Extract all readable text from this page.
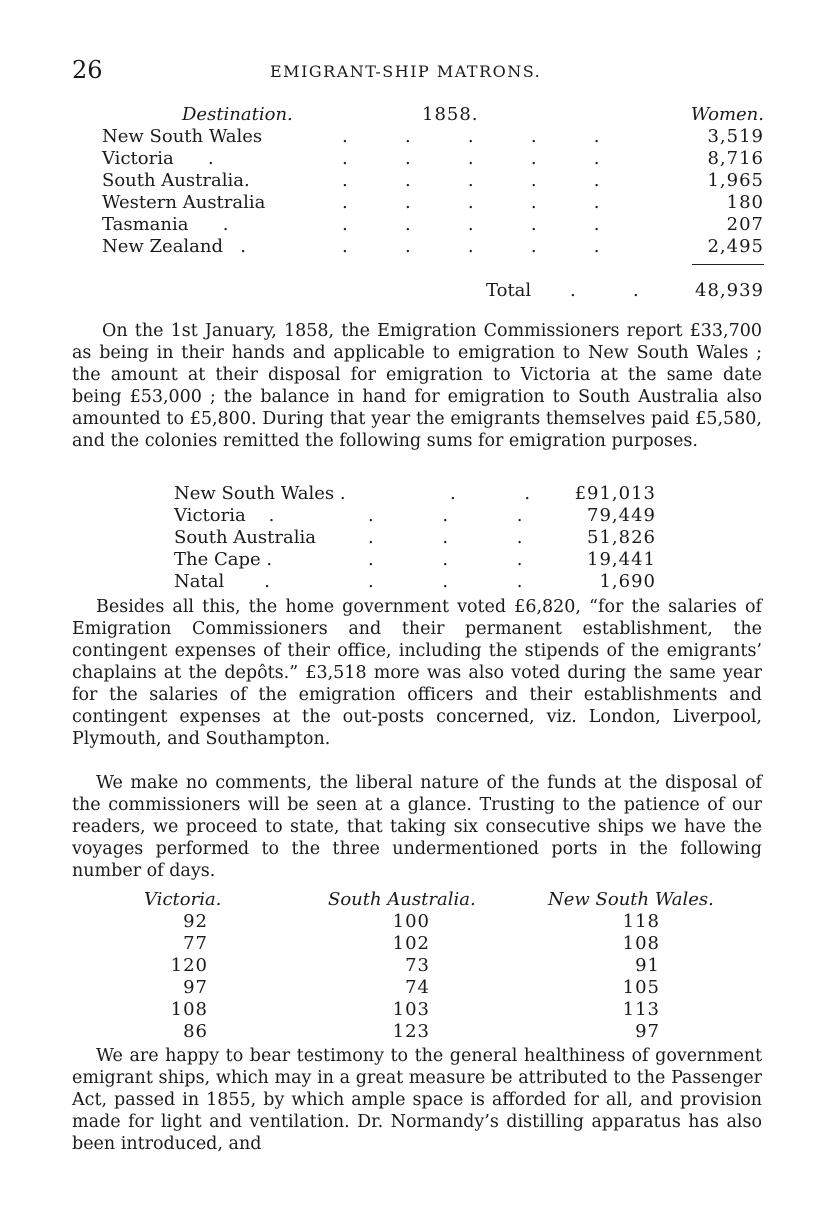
26	EMIGRANT-SHIP MATRONS.
Destination.	1858.	Women.
New South Wales	.          .          .          .          .	3,519
Victoria      .	.          .          .          .          .	8,716
South Australia.	.          .          .          .          .	1,965
Western Australia	.          .          .          .          .	180
Tasmania      .	.          .          .          .          .	207
New Zealand   .	.          .          .          .          .	2,495
Total .          .	48,939

On the 1st January, 1858, the Emigration Commissioners report £33,700 as being in their hands and applicable to emigration to New South Wales ; the amount at their disposal for emigration to Victoria at the same date being £53,000 ; the balance in hand for emigration to South Australia also amounted to £5,800. During that year the emigrants themselves paid £5,580, and the colonies remitted the following sums for emigration purposes.

New South Wales .	.            . £91,013
Victoria    .	.            .            .	79,449
South Australia	.            .            .	51,826
The Cape .	.            .            .	19,441
Natal       .	.            .            .	1,690

Besides all this, the home government voted £6,820, “for the salaries of Emigration Commissioners and their permanent establishment, the contingent expenses of their office, including the stipends of the emigrants’ chaplains at the depôts.” £3,518 more was also voted during the same year for the salaries of the emigration officers and their establishments and contingent expenses at the out-posts concerned, viz. London, Liverpool, Plymouth, and Southampton.

We make no comments, the liberal nature of the funds at the disposal of the commissioners will be seen at a glance. Trusting to the patience of our readers, we proceed to state, that taking six consecutive ships we have the voyages performed to the three undermentioned ports in the following number of days.

Victoria.	South Australia.	New South Wales.
92	100	118
77	102	108
120	73	91
97	74	105
108	103	113
86	123	97

We are happy to bear testimony to the general healthiness of government emigrant ships, which may in a great measure be attributed to the Passenger Act, passed in 1855, by which ample space is afforded for all, and provision made for light and ventilation. Dr. Normandy’s distilling apparatus has also been introduced, and
